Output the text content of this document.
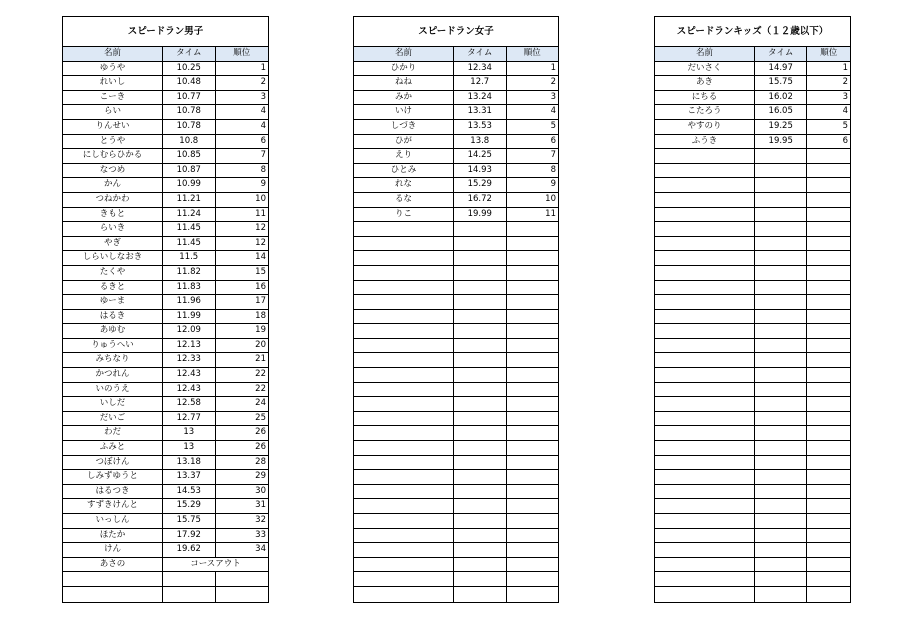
スピードラン男子
名前	タイム	順位
ゆうや	10.25	1
れいし	10.48	2
こーき	10.77	3
らい	10.78	4
りんせい	10.78	4
とうや	10.8	6
にしむらひかる	10.85	7
なつめ	10.87	8
かん	10.99	9
つねかわ	11.21	10
きもと	11.24	11
らいき	11.45	12
やぎ	11.45	12
しらいしなおき	11.5	14
たくや	11.82	15
るきと	11.83	16
ゆーま	11.96	17
はるき	11.99	18
あゆむ	12.09	19
りゅうへい	12.13	20
みちなり	12.33	21
かつれん	12.43	22
いのうえ	12.43	22
いしだ	12.58	24
だいご	12.77	25
わだ	13	26
ふみと	13	26
つぼけん	13.18	28
しみずゆうと	13.37	29
はるつき	14.53	30
すずきけんと	15.29	31
いっしん	15.75	32
ほたか	17.92	33
けん	19.62	34
あさの	コースアウト
スピードラン女子
名前	タイム	順位
ひかり	12.34	1
ねね	12.7	2
みか	13.24	3
いけ	13.31	4
しづき	13.53	5
ひが	13.8	6
えり	14.25	7
ひとみ	14.93	8
れな	15.29	9
るな	16.72	10
りこ	19.99	11
スピードランキッズ（１２歳以下）
名前	タイム	順位
だいさく	14.97	1
あき	15.75	2
にちる	16.02	3
こたろう	16.05	4
やすのり	19.25	5
ふうき	19.95	6
